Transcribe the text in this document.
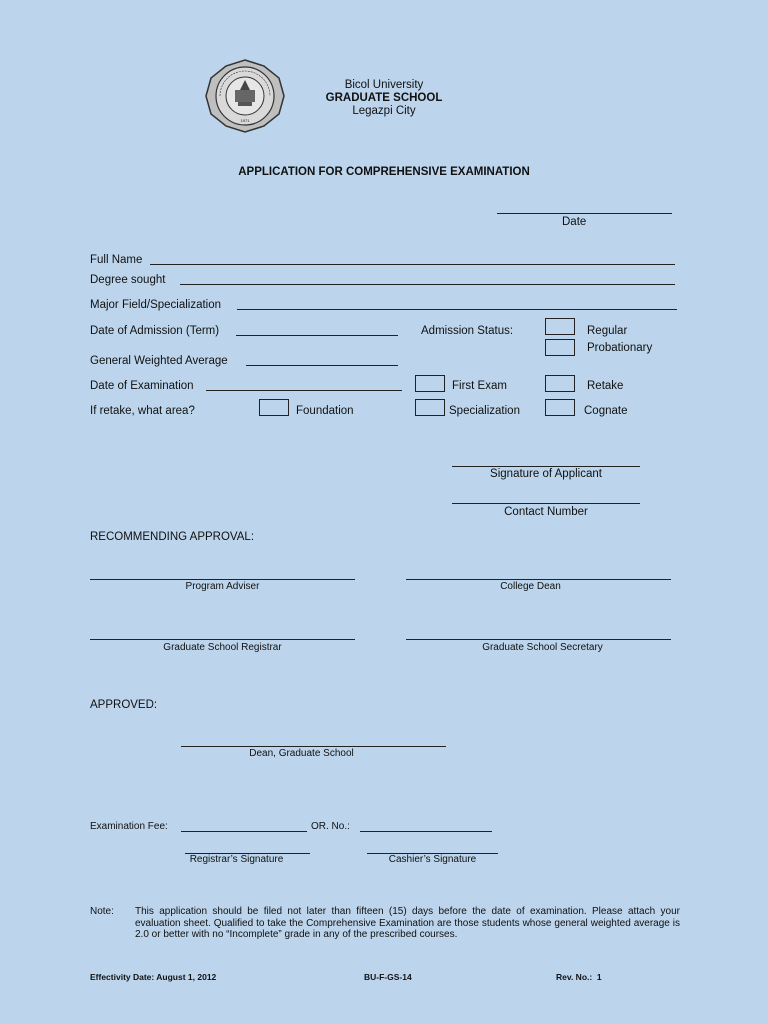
1971
Bicol University
GRADUATE SCHOOL
Legazpi City
APPLICATION FOR COMPREHENSIVE EXAMINATION
Date
Full Name
Degree sought
Major Field/Specialization
Date of Admission (Term)	Admission Status:	Regular
Probationary
General Weighted Average
Date of Examination	First Exam	Retake
If retake, what area?	Foundation	Specialization	Cognate
Signature of Applicant
Contact Number
RECOMMENDING APPROVAL:
Program Adviser	College Dean
Graduate School Registrar	Graduate School Secretary
APPROVED:
Dean, Graduate School
Examination Fee:	OR. No.:
Registrar’s Signature	Cashier’s Signature
Note: This application should be filed not later than fifteen (15) days before the date of examination. Please attach your evaluation sheet. Qualified to take the Comprehensive Examination are those students whose general weighted average is 2.0 or better with no “Incomplete” grade in any of the prescribed courses.
Effectivity Date: August 1, 2012	BU-F-GS-14	Rev. No.:  1
